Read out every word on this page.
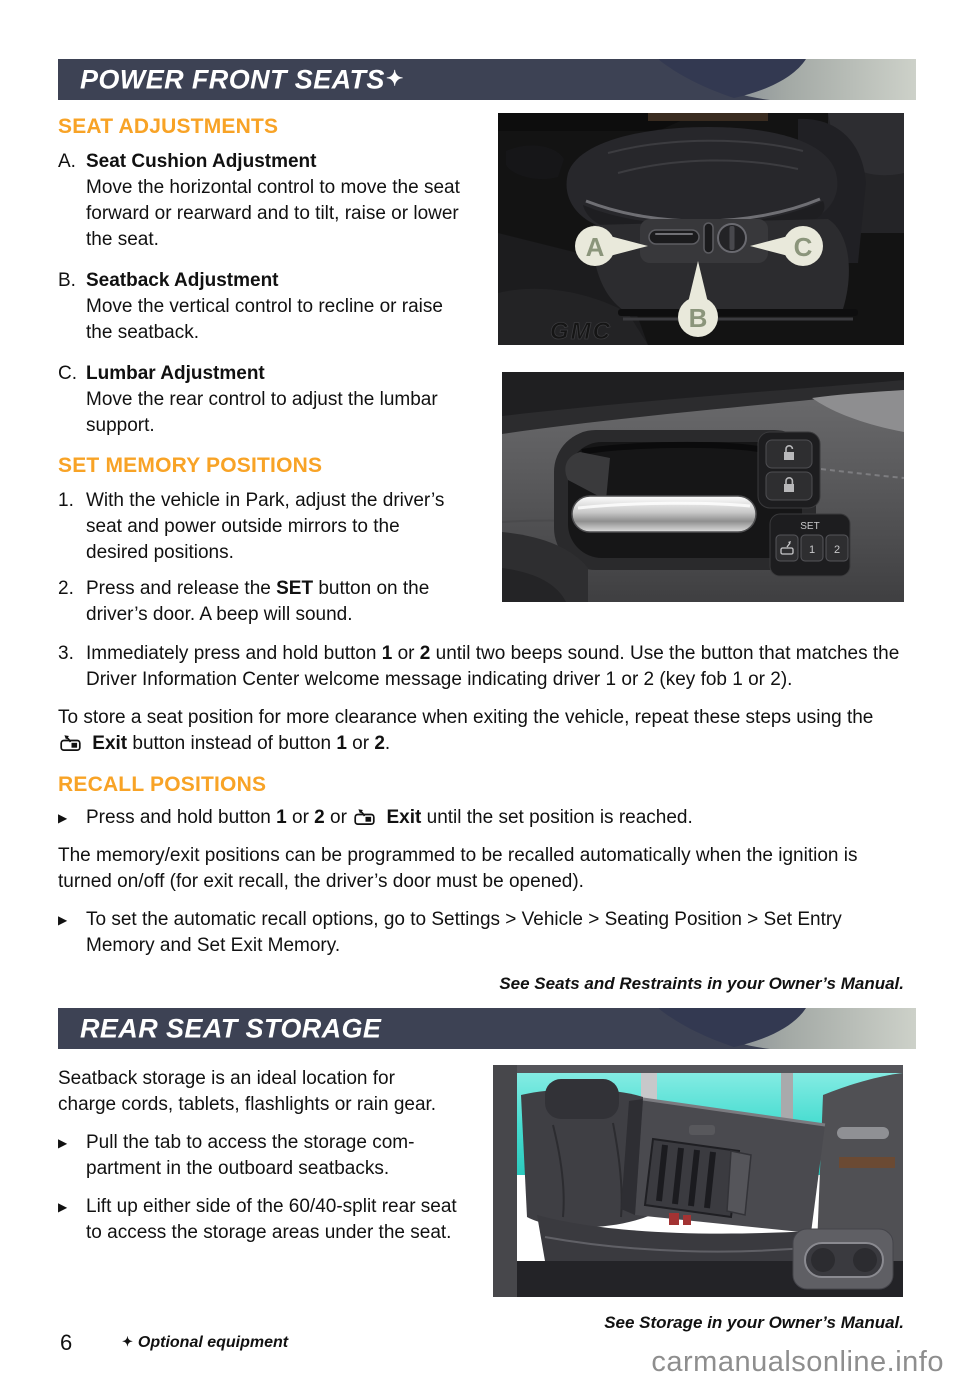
POWER FRONT SEATS✦
SEAT ADJUSTMENTS
A. Seat Cushion Adjustment

Move the horizontal control to move the seat forward or rearward and to tilt, raise or lower the seat.

B. Seatback Adjustment

Move the vertical control to recline or raise the seatback.

C. Lumbar Adjustment

Move the rear control to adjust the lumbar support.

SET MEMORY POSITIONS
1. With the vehicle in Park, adjust the driver’s seat and power outside mirrors to the desired positions.

2. Press and release the SET button on the driver’s door. A beep will sound.

GMC
A	C
B
SET
1 2
3. Immediately press and hold button 1 or 2 until two beeps sound. Use the button that matches the Driver Information Center welcome message indicating driver 1 or 2 (key fob 1 or 2).

To store a seat position for more clearance when exiting the vehicle, repeat these steps using the  Exit button instead of button 1 or 2.

RECALL POSITIONS
▶ Press and hold button 1 or 2 or  Exit until the set position is reached.

The memory/exit positions can be programmed to be recalled automatically when the ignition is turned on/off (for exit recall, the driver’s door must be opened).

▶ To set the automatic recall options, go to Settings > Vehicle > Seating Position > Set Entry Memory and Set Exit Memory.

See Seats and Restraints in your Owner’s Manual.
REAR SEAT STORAGE

Seatback storage is an ideal location for charge cords, tablets, flashlights or rain gear.

▶ Pull the tab to access the storage com-
partment in the outboard seatbacks.

▶ Lift up either side of the 60/40-split rear seat to access the storage areas under the seat.

See Storage in your Owner’s Manual.
6	✦ Optional equipment
carmanualsonline.info
